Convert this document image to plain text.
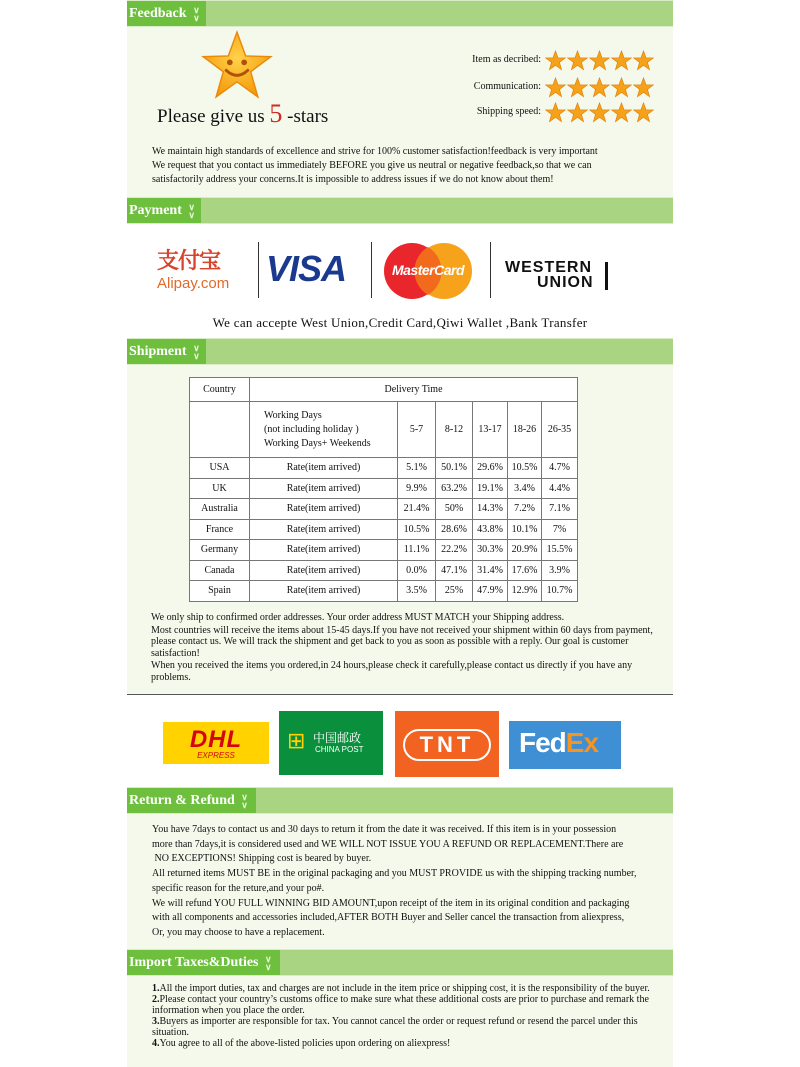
Feedback ∨
∨
Please give us 5 -stars
Item as decribed:
Communication:
Shipping speed:
We maintain high standards of excellence and strive for 100% customer satisfaction!feedback is very important
We request that you contact us immediately BEFORE you give us neutral or negative feedback,so that we can
satisfactorily address your concerns.It is impossible to address issues if we do not know about them!
Payment ∨
∨
支付宝
Alipay.com	VISA	MasterCard	WESTERN
UNION
We can accepte West Union,Credit Card,Qiwi Wallet ,Bank Transfer
Shipment ∨
∨
Country	Delivery Time					

	Working Days
(not including holiday )
Working Days+ Weekends	5-7	8-12	13-17	18-26	26-35
USA	Rate(item arrived)	5.1%	50.1%	29.6%	10.5%	4.7%
UK	Rate(item arrived)	9.9%	63.2%	19.1%	3.4%	4.4%
Australia	Rate(item arrived)	21.4%	50%	14.3%	7.2%	7.1%
France	Rate(item arrived)	10.5%	28.6%	43.8%	10.1%	7%
Germany	Rate(item arrived)	11.1%	22.2%	30.3%	20.9%	15.5%
Canada	Rate(item arrived)	0.0%	47.1%	31.4%	17.6%	3.9%
Spain	Rate(item arrived)	3.5%	25%	47.9%	12.9%	10.7%

We only ship to confirmed order addresses. Your order address MUST MATCH your Shipping address.

Most countries will receive the items about 15-45 days.If you have not received your shipment within 60 days from payment, please contact us. We will track the shipment and get back to you as soon as possible with a reply. Our goal is customer satisfaction!

When you received the items you ordered,in 24 hours,please check it carefully,please contact us directly if you have any problems.

DHL
EXPRESS
⊞ 中国邮政
CHINA POST	TNT	FedEx
Return & Refund ∨
∨
You have 7days to contact us and 30 days to return it from the date it was received. If this item is in your possession
more than 7days,it is considered used and WE WILL NOT ISSUE YOU A REFUND OR REPLACEMENT.There are
NO EXCEPTIONS! Shipping cost is beared by buyer.
All returned items MUST BE in the original packaging and you MUST PROVIDE us with the shipping tracking number,
specific reason for the reture,and your po#.
We will refund YOU FULL WINNING BID AMOUNT,upon receipt of the item in its original condition and packaging
with all components and accessories included,AFTER BOTH Buyer and Seller cancel the transaction from aliexpress,
Or, you may choose to have a replacement.
Import Taxes&Duties ∨
∨
1.All the import duties, tax and charges are not include in the item price or shipping cost, it is the responsibility of the buyer.
2.Please contact your country’s customs office to make sure what these additional costs are prior to purchase and remark the information when you place the order.
3.Buyers as importer are responsible for tax. You cannot cancel the order or request refund or resend the parcel under this situation.
4.You agree to all of the above-listed policies upon ordering on aliexpress!
